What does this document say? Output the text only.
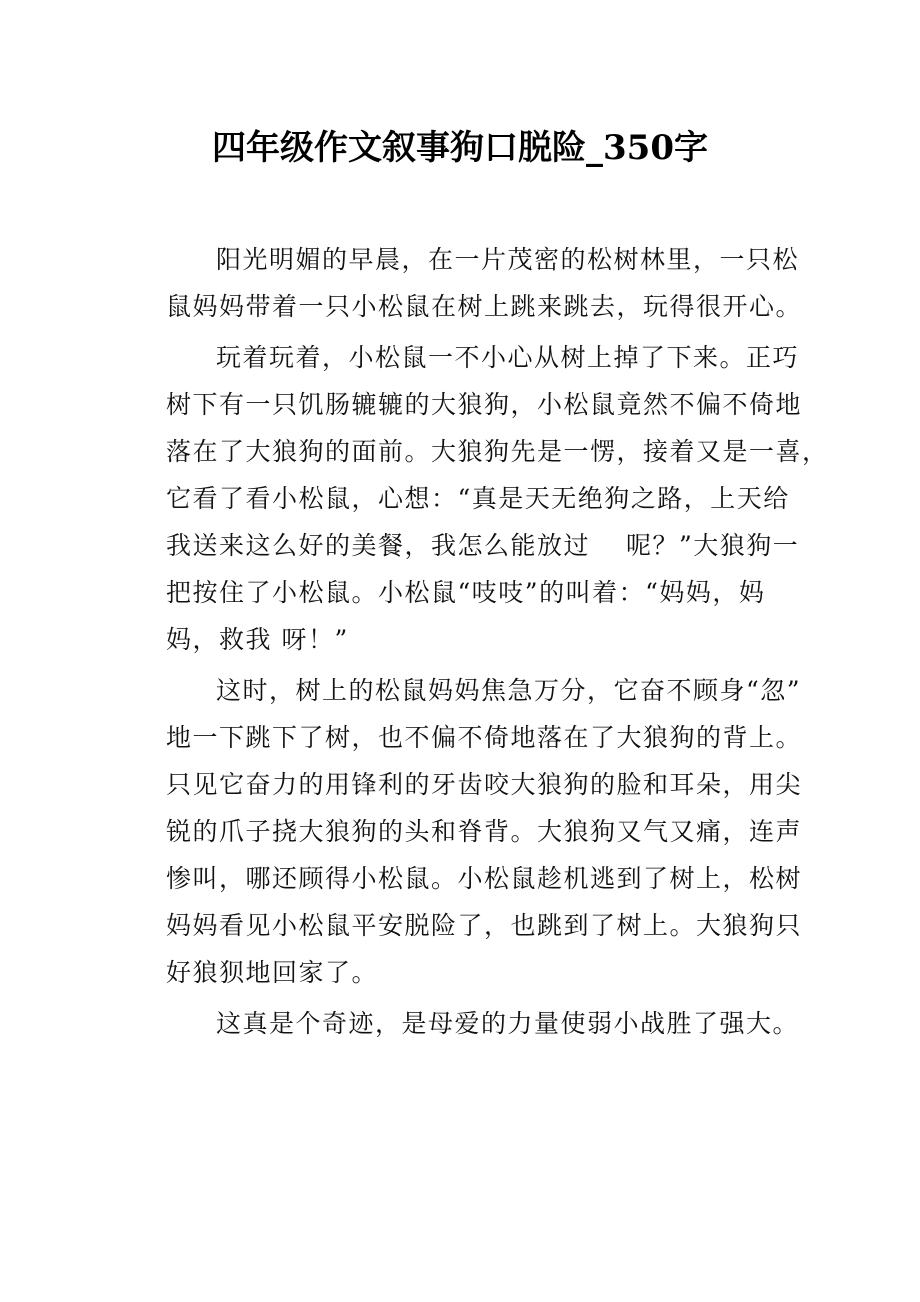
四年级作文叙事狗口脱险_350字
阳光明媚的早晨，在一片茂密的松树林里，一只松
鼠妈妈带着一只小松鼠在树上跳来跳去，玩得很开心。
玩着玩着，小松鼠一不小心从树上掉了下来。正巧
树下有一只饥肠辘辘的大狼狗，小松鼠竟然不偏不倚地
落在了大狼狗的面前。大狼狗先是一愣，接着又是一喜，
它看了看小松鼠，心想：“真是天无绝狗之路，上天给
我送来这么好的美餐，我怎么能放过　 呢？”大狼狗一
把按住了小松鼠。小松鼠“吱吱”的叫着：“妈妈，妈
妈，救我 呀！”
这时，树上的松鼠妈妈焦急万分，它奋不顾身“忽”
地一下跳下了树，也不偏不倚地落在了大狼狗的背上。
只见它奋力的用锋利的牙齿咬大狼狗的脸和耳朵，用尖
锐的爪子挠大狼狗的头和脊背。大狼狗又气又痛，连声
惨叫，哪还顾得小松鼠。小松鼠趁机逃到了树上，松树
妈妈看见小松鼠平安脱险了，也跳到了树上。大狼狗只
好狼狈地回家了。
这真是个奇迹，是母爱的力量使弱小战胜了强大。
